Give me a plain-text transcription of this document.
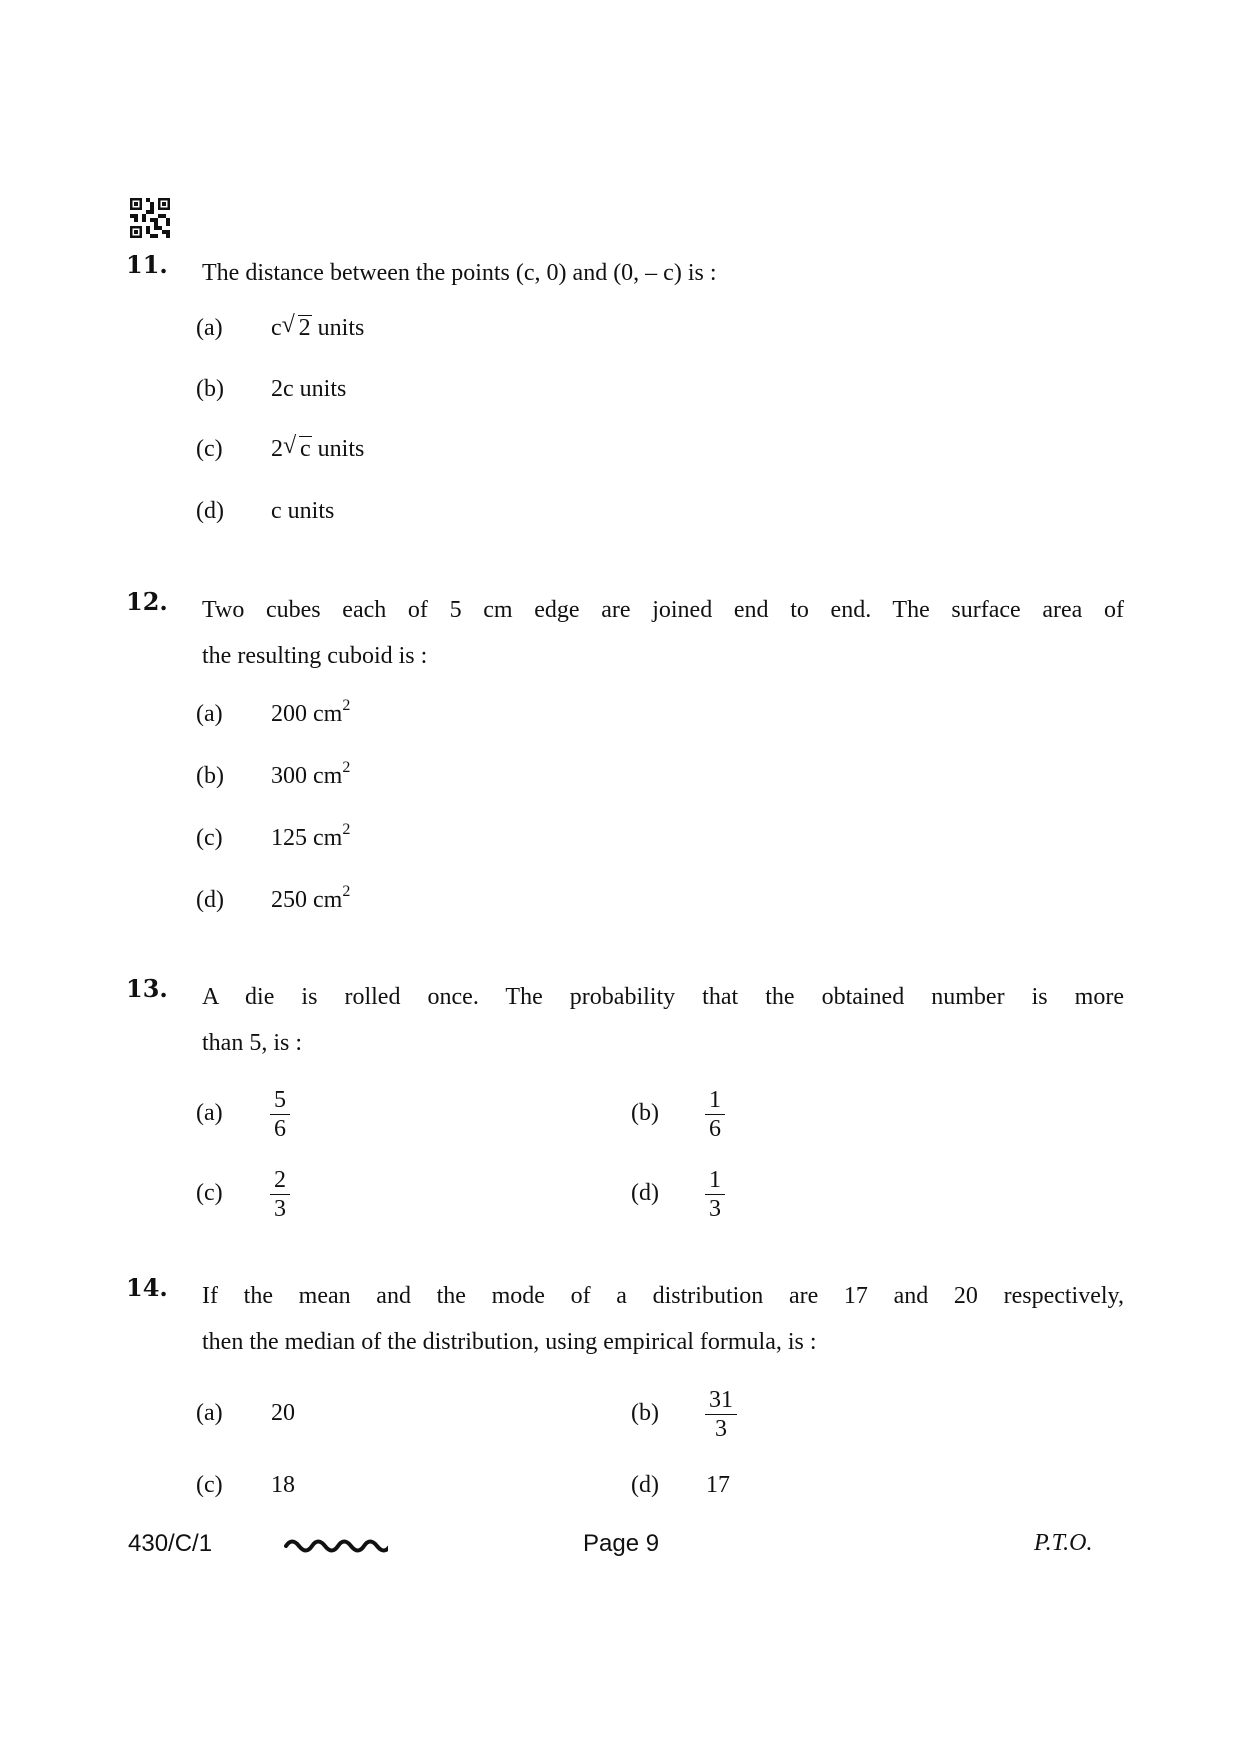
11. The distance between the points (c, 0) and (0, – c) is :
(a) c √ 2 units
(b) 2c units
(c) 2 √ c units
(d) c units
12. Two cubes each of 5 cm edge are joined end to end. The surface area of
the resulting cuboid is :
(a) 200 $cm^2$
(b) 300 $cm^2$
(c) 125 $cm^2$
(d) 250 $cm^2$
13. A die is rolled once. The probability that the obtained number is more
than 5, is :
$(a) \frac{5}{6}$	$(b) \frac{1}{6}$
$(c) \frac{2}{3}$	$(d) \frac{1}{3}$
14. If the mean and the mode of a distribution are 17 and 20 respectively,
then the median of the distribution, using empirical formula, is :
(a) 20	$(b) \frac{31}{3}$
(c) 18	(d) 17
430/C/1	Page 9	P.T.O.
